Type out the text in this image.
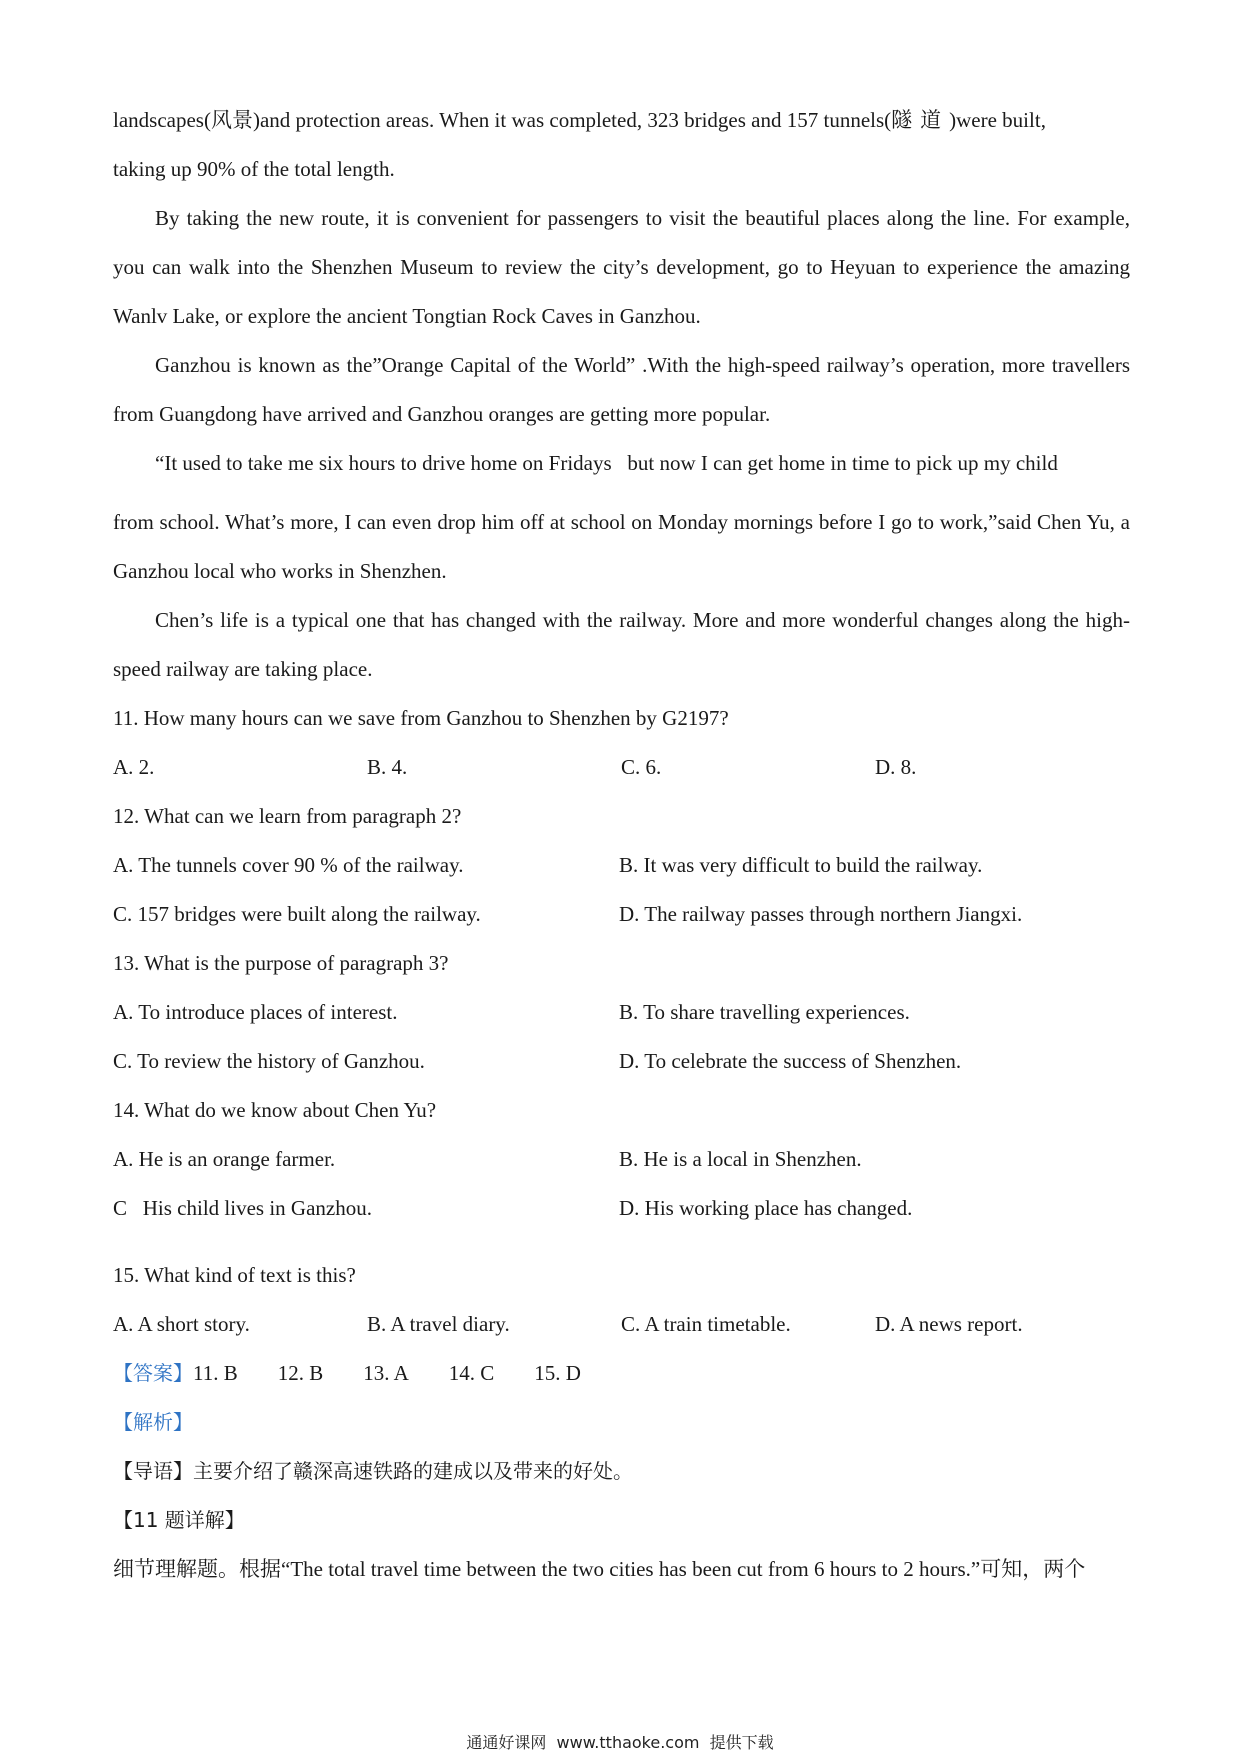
landscapes(风景)and protection areas. When it was completed, 323 bridges and 157 tunnels(隧道)were built,
taking up 90% of the total length.

By taking the new route, it is convenient for passengers to visit the beautiful places along the line. For example, you can walk into the Shenzhen Museum to review the city’s development, go to Heyuan to experience the amazing Wanlv Lake, or explore the ancient Tongtian Rock Caves in Ganzhou.

Ganzhou is known as the”Orange Capital of the World” .With the high-speed railway’s operation, more travellers from Guangdong have arrived and Ganzhou oranges are getting more popular.

“It used to take me six hours to drive home on Fridays   but now I can get home in time to pick up my child

from school. What’s more, I can even drop him off at school on Monday mornings before I go to work,”said Chen Yu, a Ganzhou local who works in Shenzhen.

Chen’s life is a typical one that has changed with the railway. More and more wonderful changes along the high-speed railway are taking place.

11. How many hours can we save from Ganzhou to Shenzhen by G2197?

A. 2.	B. 4.	C. 6.	D. 8.

12. What can we learn from paragraph 2?

A. The tunnels cover 90 % of the railway.	B. It was very difficult to build the railway.
C. 157 bridges were built along the railway.	D. The railway passes through northern Jiangxi.

13. What is the purpose of paragraph 3?

A. To introduce places of interest.	B. To share travelling experiences.
C. To review the history of Ganzhou.	D. To celebrate the success of Shenzhen.

14. What do we know about Chen Yu?

A. He is an orange farmer.	B. He is a local in Shenzhen.
C   His child lives in Ganzhou.	D. His working place has changed.

15. What kind of text is this?

A. A short story.	B. A travel diary.	C. A train timetable.	D. A news report.
【答案】11. B 12. B 13. A 14. C 15. D

【解析】

【导语】主要介绍了赣深高速铁路的建成以及带来的好处。

【11 题详解】

细节理解题。根据“The total travel time between the two cities has been cut from 6 hours to 2 hours.”可知，两个

通通好课网  www.tthaoke.com  提供下载
